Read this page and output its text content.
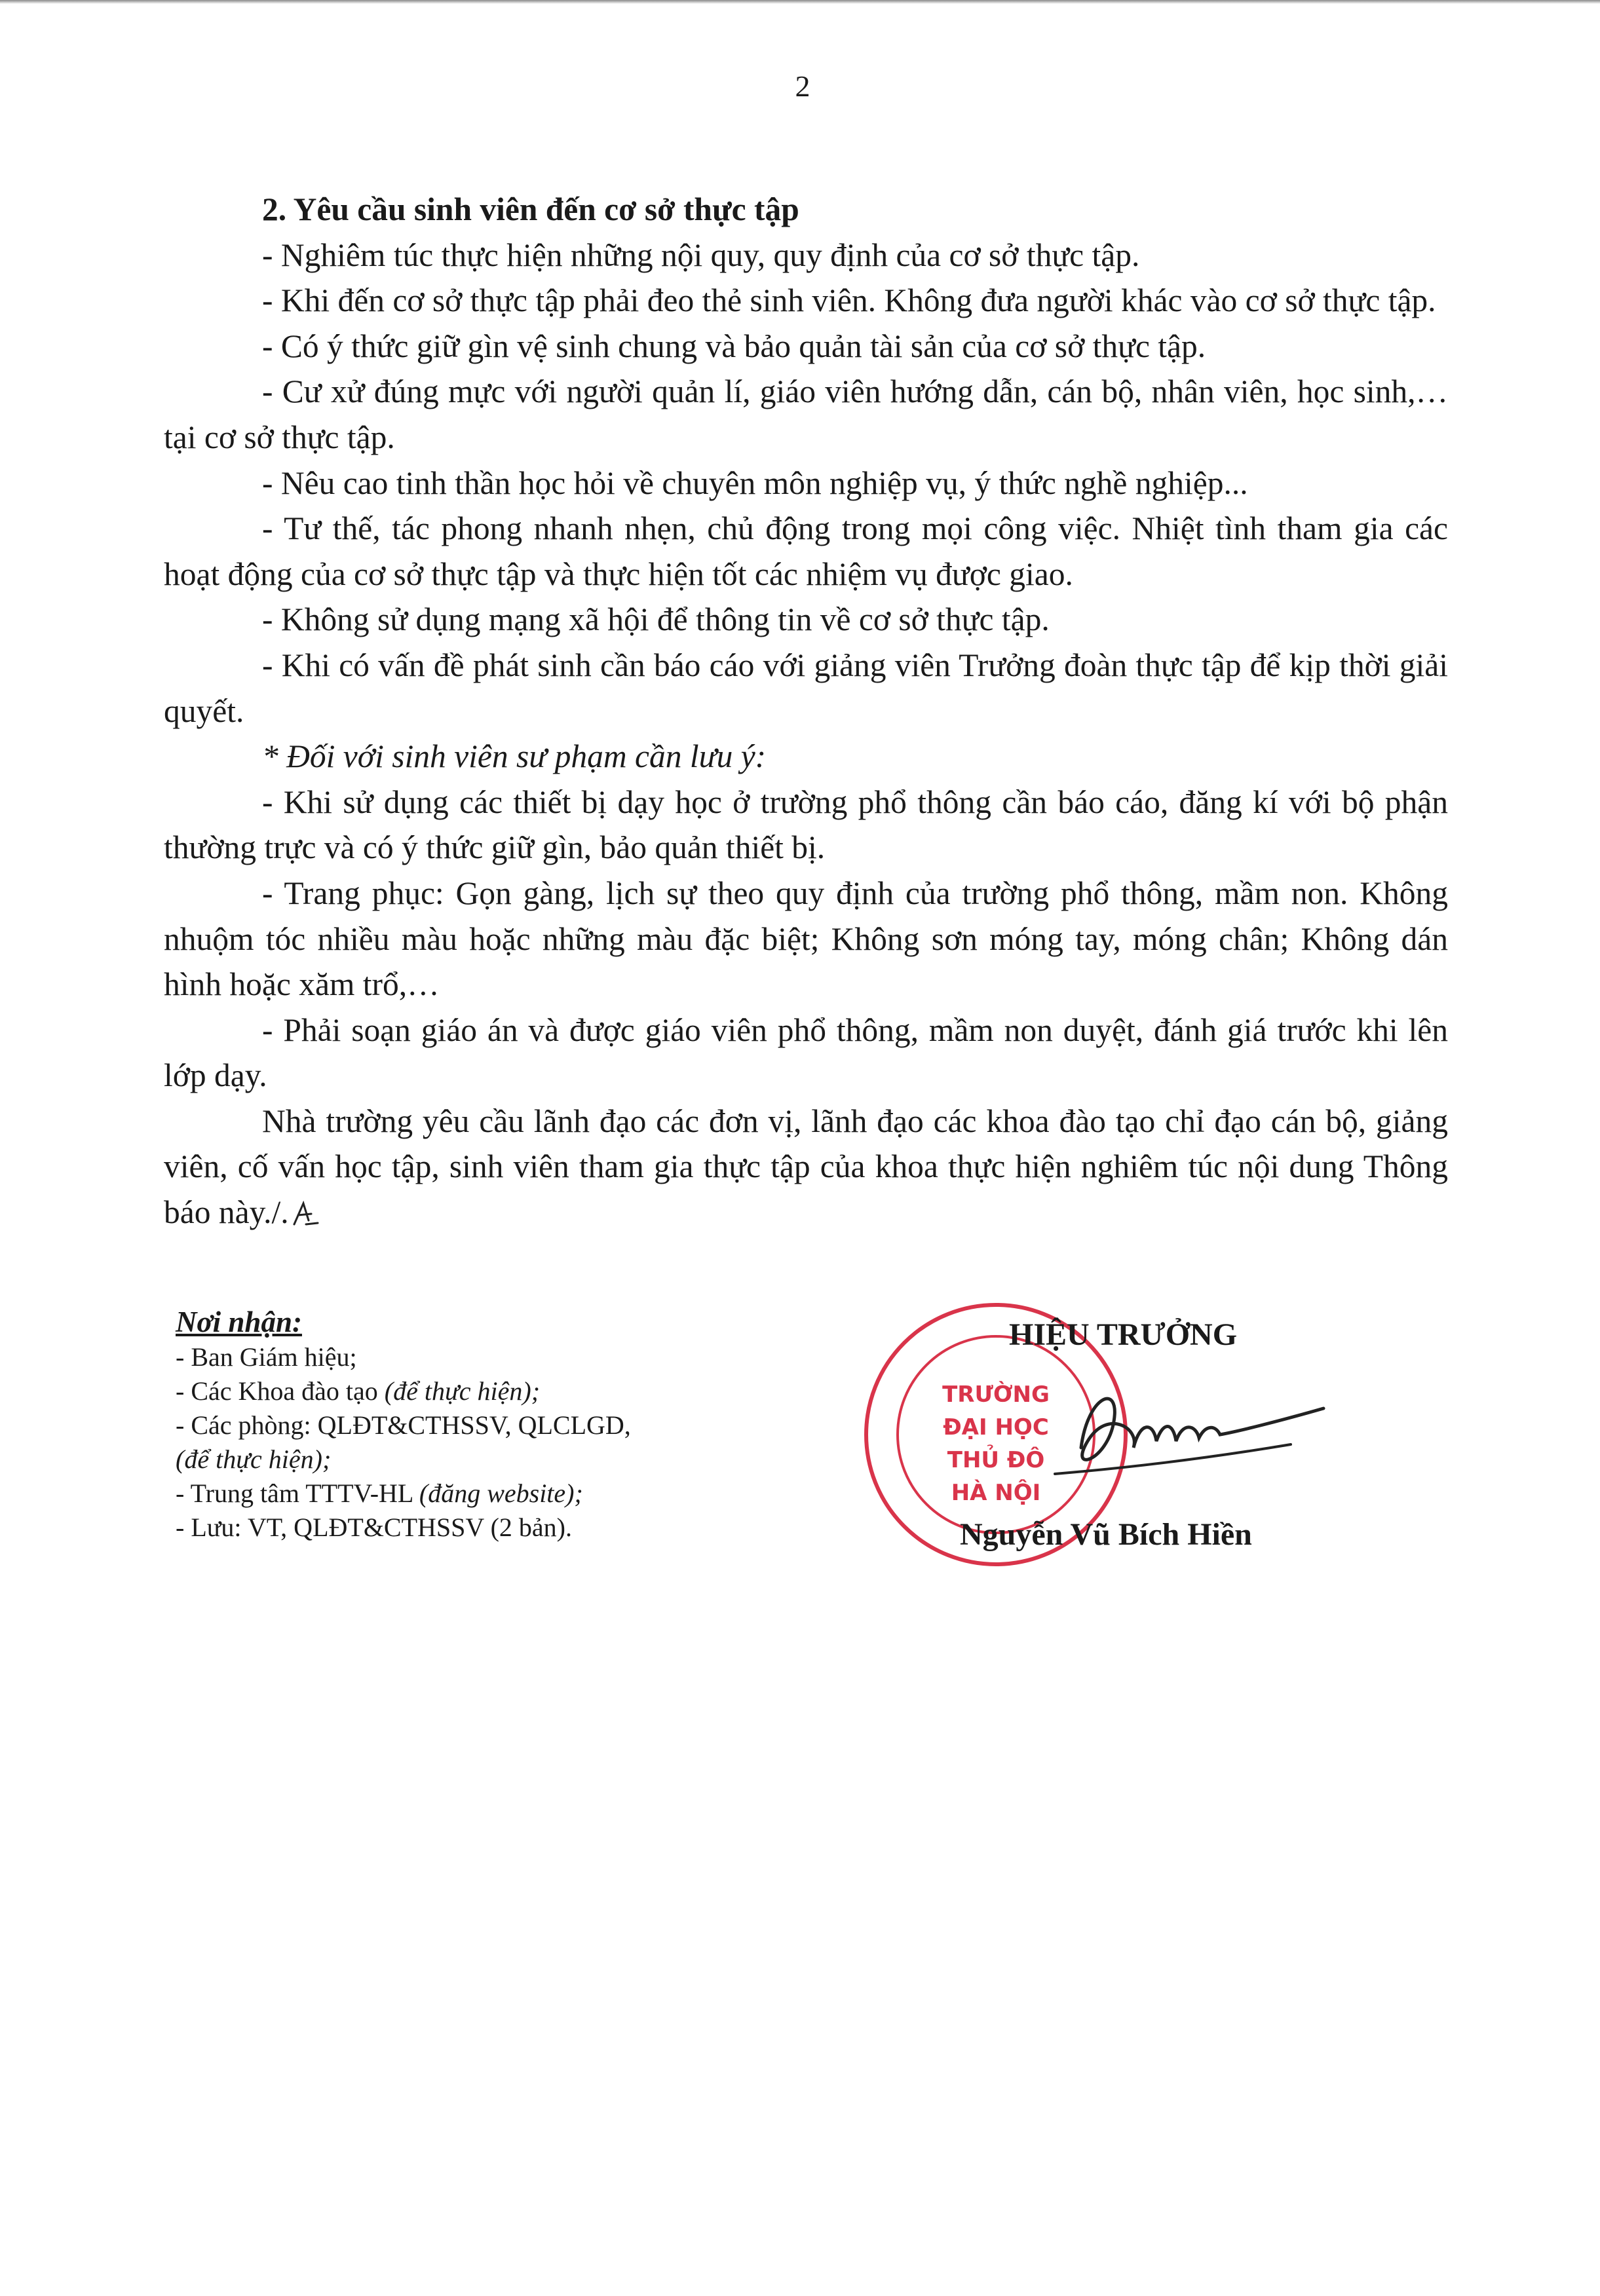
2

2. Yêu cầu sinh viên đến cơ sở thực tập

- Nghiêm túc thực hiện những nội quy, quy định của cơ sở thực tập.

- Khi đến cơ sở thực tập phải đeo thẻ sinh viên. Không đưa người khác vào cơ sở thực tập.

- Có ý thức giữ gìn vệ sinh chung và bảo quản tài sản của cơ sở thực tập.

- Cư xử đúng mực với người quản lí, giáo viên hướng dẫn, cán bộ, nhân viên, học sinh,…tại cơ sở thực tập.

- Nêu cao tinh thần học hỏi về chuyên môn nghiệp vụ, ý thức nghề nghiệp...

- Tư thế, tác phong nhanh nhẹn, chủ động trong mọi công việc. Nhiệt tình tham gia các hoạt động của cơ sở thực tập và thực hiện tốt các nhiệm vụ được giao.

- Không sử dụng mạng xã hội để thông tin về cơ sở thực tập.

- Khi có vấn đề phát sinh cần báo cáo với giảng viên Trưởng đoàn thực tập để kịp thời giải quyết.

* Đối với sinh viên sư phạm cần lưu ý:

- Khi sử dụng các thiết bị dạy học ở trường phổ thông cần báo cáo, đăng kí với bộ phận thường trực và có ý thức giữ gìn, bảo quản thiết bị.

- Trang phục: Gọn gàng, lịch sự theo quy định của trường phổ thông, mầm non. Không nhuộm tóc nhiều màu hoặc những màu đặc biệt; Không sơn móng tay, móng chân; Không dán hình hoặc xăm trổ,…

- Phải soạn giáo án và được giáo viên phổ thông, mầm non duyệt, đánh giá trước khi lên lớp dạy.

Nhà trường yêu cầu lãnh đạo các đơn vị, lãnh đạo các khoa đào tạo chỉ đạo cán bộ, giảng viên, cố vấn học tập, sinh viên tham gia thực tập của khoa thực hiện nghiêm túc nội dung Thông báo này./.

Nơi nhận:
- Ban Giám hiệu;
- Các Khoa đào tạo (để thực hiện);
- Các phòng: QLĐT&CTHSSV, QLCLGD,
(để thực hiện);
- Trung tâm TTTV-HL (đăng website);
- Lưu: VT, QLĐT&CTHSSV (2 bản).
TRƯỜNG
ĐẠI HỌC
THỦ ĐÔ
HÀ NỘI
HIỆU TRƯỞNG
Nguyễn Vũ Bích Hiền
